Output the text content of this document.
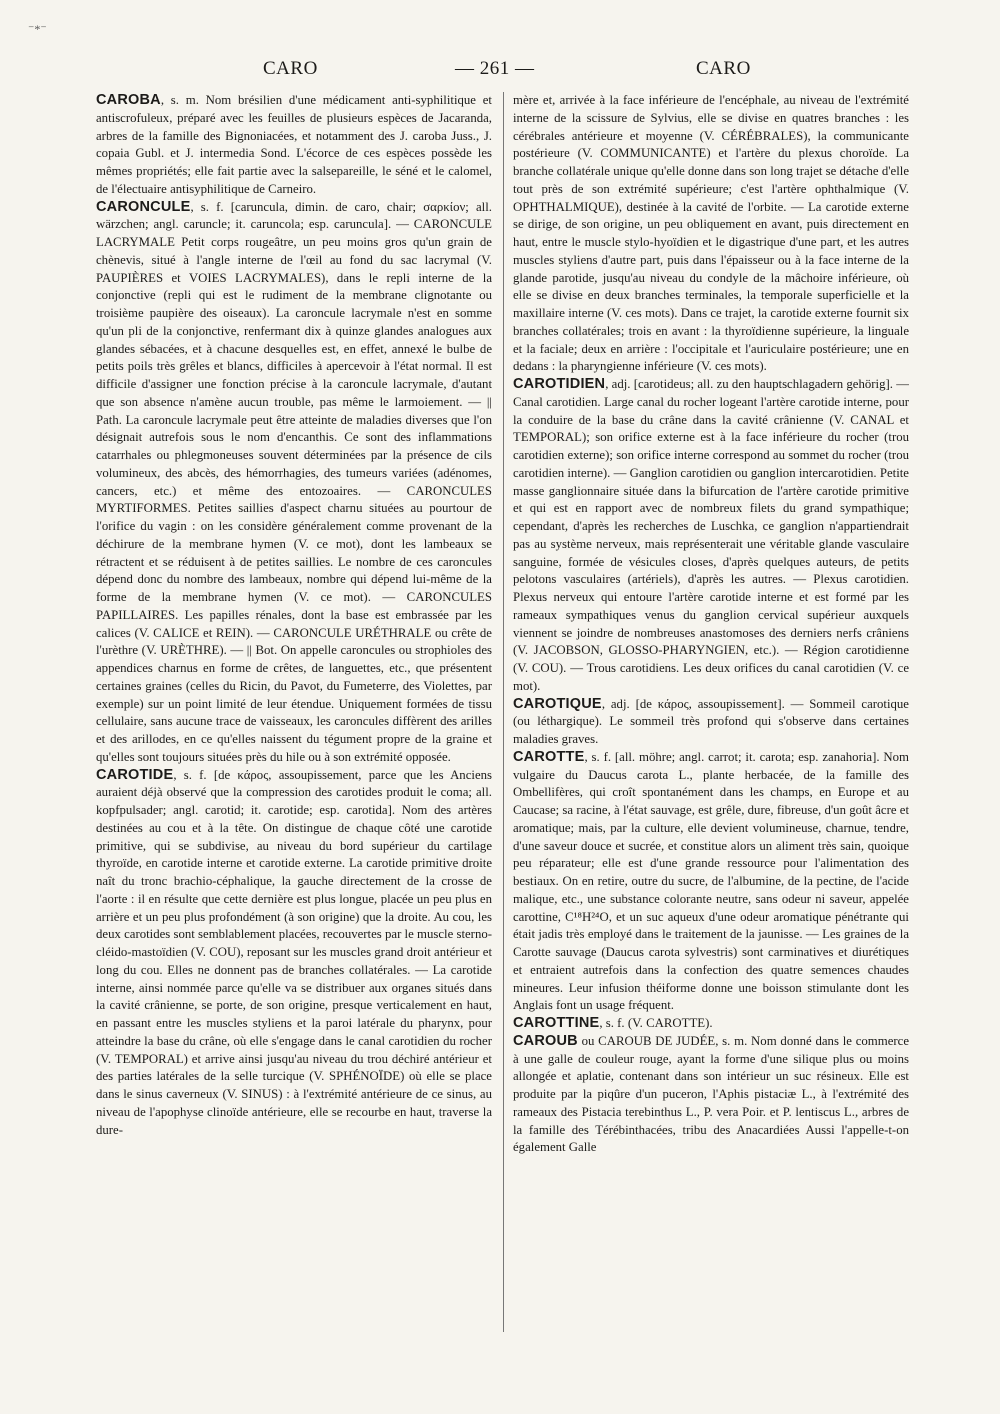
⁻*⁻
CARO	— 261 —	CARO

CAROBA, s. m. Nom brésilien d'une médicament anti-syphilitique et antiscrofuleux, préparé avec les feuilles de plusieurs espèces de Jacaranda, arbres de la famille des Bignoniacées, et notamment des J. caroba Juss., J. copaia Gubl. et J. intermedia Sond. L'écorce de ces espèces possède les mêmes propriétés; elle fait partie avec la salsepareille, le séné et le calomel, de l'électuaire antisyphilitique de Carneiro.

CARONCULE, s. f. [caruncula, dimin. de caro, chair; σαρκίον; all. wärzchen; angl. caruncle; it. caruncola; esp. caruncula]. — CARONCULE LACRYMALE Petit corps rougeâtre, un peu moins gros qu'un grain de chènevis, situé à l'angle interne de l'œil au fond du sac lacrymal (V. PAUPIÈRES et VOIES LACRYMALES), dans le repli interne de la conjonctive (repli qui est le rudiment de la membrane clignotante ou troisième paupière des oiseaux). La caroncule lacrymale n'est en somme qu'un pli de la conjonctive, renfermant dix à quinze glandes analogues aux glandes sébacées, et à chacune desquelles est, en effet, annexé le bulbe de petits poils très grêles et blancs, difficiles à apercevoir à l'état normal. Il est difficile d'assigner une fonction précise à la caroncule lacrymale, d'autant que son absence n'amène aucun trouble, pas même le larmoiement. — || Path. La caroncule lacrymale peut être atteinte de maladies diverses que l'on désignait autrefois sous le nom d'encanthis. Ce sont des inflammations catarrhales ou phlegmoneuses souvent déterminées par la présence de cils volumineux, des abcès, des hémorrhagies, des tumeurs variées (adénomes, cancers, etc.) et même des entozoaires. — CARONCULES MYRTIFORMES. Petites saillies d'aspect charnu situées au pourtour de l'orifice du vagin : on les considère généralement comme provenant de la déchirure de la membrane hymen (V. ce mot), dont les lambeaux se rétractent et se réduisent à de petites saillies. Le nombre de ces caroncules dépend donc du nombre des lambeaux, nombre qui dépend lui-même de la forme de la membrane hymen (V. ce mot). — CARONCULES PAPILLAIRES. Les papilles rénales, dont la base est embrassée par les calices (V. CALICE et REIN). — CARONCULE URÉTHRALE ou crête de l'urèthre (V. URÈTHRE). — || Bot. On appelle caroncules ou strophioles des appendices charnus en forme de crêtes, de languettes, etc., que présentent certaines graines (celles du Ricin, du Pavot, du Fumeterre, des Violettes, par exemple) sur un point limité de leur étendue. Uniquement formées de tissu cellulaire, sans aucune trace de vaisseaux, les caroncules diffèrent des arilles et des arillodes, en ce qu'elles naissent du tégument propre de la graine et qu'elles sont toujours situées près du hile ou à son extrémité opposée.

CAROTIDE, s. f. [de κάρος, assoupissement, parce que les Anciens auraient déjà observé que la compression des carotides produit le coma; all. kopfpulsader; angl. carotid; it. carotide; esp. carotida]. Nom des artères destinées au cou et à la tête. On distingue de chaque côté une carotide primitive, qui se subdivise, au niveau du bord supérieur du cartilage thyroïde, en carotide interne et carotide externe. La carotide primitive droite naît du tronc brachio-céphalique, la gauche directement de la crosse de l'aorte : il en résulte que cette dernière est plus longue, placée un peu plus en arrière et un peu plus profondément (à son origine) que la droite. Au cou, les deux carotides sont semblablement placées, recouvertes par le muscle sterno-cléido-mastoïdien (V. COU), reposant sur les muscles grand droit antérieur et long du cou. Elles ne donnent pas de branches collatérales. — La carotide interne, ainsi nommée parce qu'elle va se distribuer aux organes situés dans la cavité crânienne, se porte, de son origine, presque verticalement en haut, en passant entre les muscles styliens et la paroi latérale du pharynx, pour atteindre la base du crâne, où elle s'engage dans le canal carotidien du rocher (V. TEMPORAL) et arrive ainsi jusqu'au niveau du trou déchiré antérieur et des parties latérales de la selle turcique (V. SPHÉNOÏDE) où elle se place dans le sinus caverneux (V. SINUS) : à l'extrémité antérieure de ce sinus, au niveau de l'apophyse clinoïde antérieure, elle se recourbe en haut, traverse la dure-

mère et, arrivée à la face inférieure de l'encéphale, au niveau de l'extrémité interne de la scissure de Sylvius, elle se divise en quatres branches : les cérébrales antérieure et moyenne (V. CÉRÉBRALES), la communicante postérieure (V. COMMUNICANTE) et l'artère du plexus choroïde. La branche collatérale unique qu'elle donne dans son long trajet se détache d'elle tout près de son extrémité supérieure; c'est l'artère ophthalmique (V. OPHTHALMIQUE), destinée à la cavité de l'orbite. — La carotide externe se dirige, de son origine, un peu obliquement en avant, puis directement en haut, entre le muscle stylo-hyoïdien et le digastrique d'une part, et les autres muscles styliens d'autre part, puis dans l'épaisseur ou à la face interne de la glande parotide, jusqu'au niveau du condyle de la mâchoire inférieure, où elle se divise en deux branches terminales, la temporale superficielle et la maxillaire interne (V. ces mots). Dans ce trajet, la carotide externe fournit six branches collatérales; trois en avant : la thyroïdienne supérieure, la linguale et la faciale; deux en arrière : l'occipitale et l'auriculaire postérieure; une en dedans : la pharyngienne inférieure (V. ces mots).

CAROTIDIEN, adj. [carotideus; all. zu den hauptschlagadern gehörig]. — Canal carotidien. Large canal du rocher logeant l'artère carotide interne, pour la conduire de la base du crâne dans la cavité crânienne (V. CANAL et TEMPORAL); son orifice externe est à la face inférieure du rocher (trou carotidien externe); son orifice interne correspond au sommet du rocher (trou carotidien interne). — Ganglion carotidien ou ganglion intercarotidien. Petite masse ganglionnaire située dans la bifurcation de l'artère carotide primitive et qui est en rapport avec de nombreux filets du grand sympathique; cependant, d'après les recherches de Luschka, ce ganglion n'appartiendrait pas au système nerveux, mais représenterait une véritable glande vasculaire sanguine, formée de vésicules closes, d'après quelques auteurs, de petits pelotons vasculaires (artériels), d'après les autres. — Plexus carotidien. Plexus nerveux qui entoure l'artère carotide interne et est formé par les rameaux sympathiques venus du ganglion cervical supérieur auxquels viennent se joindre de nombreuses anastomoses des derniers nerfs crâniens (V. JACOBSON, GLOSSO-PHARYNGIEN, etc.). — Région carotidienne (V. COU). — Trous carotidiens. Les deux orifices du canal carotidien (V. ce mot).

CAROTIQUE, adj. [de κάρος, assoupissement]. — Sommeil carotique (ou léthargique). Le sommeil très profond qui s'observe dans certaines maladies graves.

CAROTTE, s. f. [all. möhre; angl. carrot; it. carota; esp. zanahoria]. Nom vulgaire du Daucus carota L., plante herbacée, de la famille des Ombellifères, qui croît spontanément dans les champs, en Europe et au Caucase; sa racine, à l'état sauvage, est grêle, dure, fibreuse, d'un goût âcre et aromatique; mais, par la culture, elle devient volumineuse, charnue, tendre, d'une saveur douce et sucrée, et constitue alors un aliment très sain, quoique peu réparateur; elle est d'une grande ressource pour l'alimentation des bestiaux. On en retire, outre du sucre, de l'albumine, de la pectine, de l'acide malique, etc., une substance colorante neutre, sans odeur ni saveur, appelée carottine, C¹⁸H²⁴O, et un suc aqueux d'une odeur aromatique pénétrante qui était jadis très employé dans le traitement de la jaunisse. — Les graines de la Carotte sauvage (Daucus carota sylvestris) sont carminatives et diurétiques et entraient autrefois dans la confection des quatre semences chaudes mineures. Leur infusion théiforme donne une boisson stimulante dont les Anglais font un usage fréquent.

CAROTTINE, s. f. (V. CAROTTE).

CAROUB ou CAROUB DE JUDÉE, s. m. Nom donné dans le commerce à une galle de couleur rouge, ayant la forme d'une silique plus ou moins allongée et aplatie, contenant dans son intérieur un suc résineux. Elle est produite par la piqûre d'un puceron, l'Aphis pistaciæ L., à l'extrémité des rameaux des Pistacia terebinthus L., P. vera Poir. et P. lentiscus L., arbres de la famille des Térébinthacées, tribu des Anacardiées Aussi l'appelle-t-on également Galle
